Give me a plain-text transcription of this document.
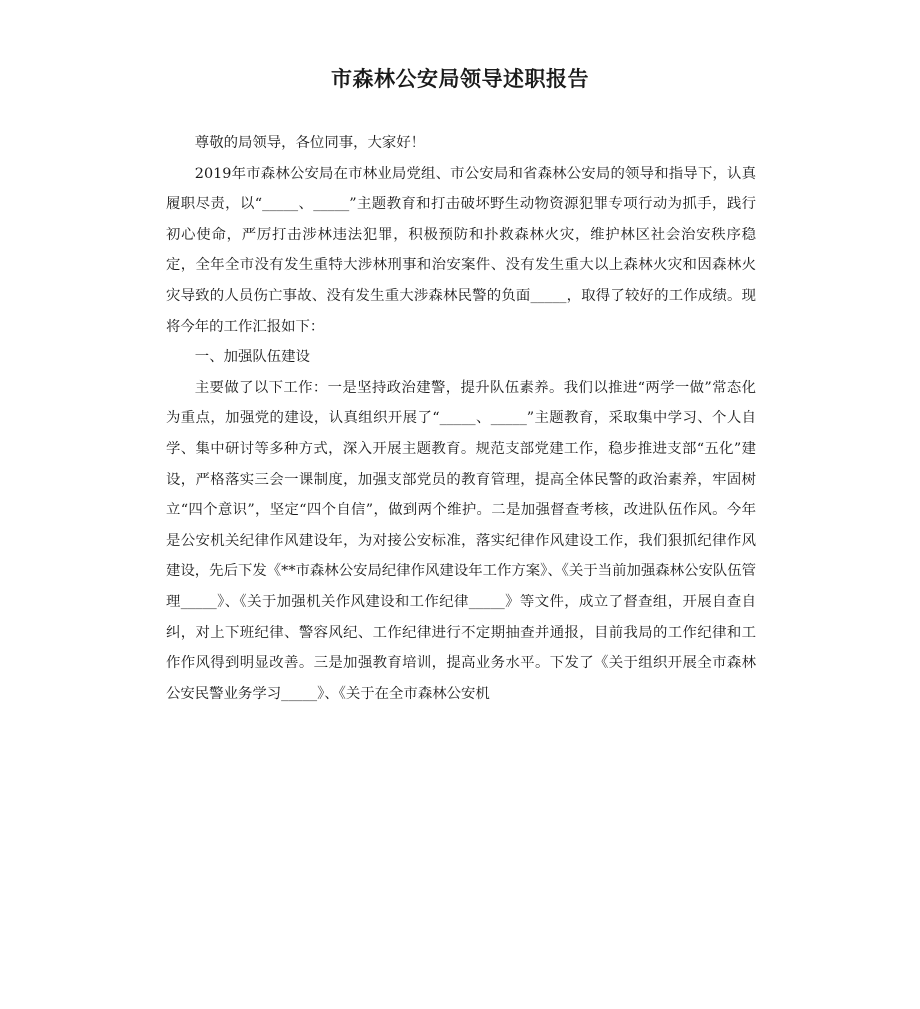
市森林公安局领导述职报告

尊敬的局领导，各位同事，大家好！

2019年市森林公安局在市林业局党组、市公安局和省森林公安局的领导和指导下，认真履职尽责，以“_____、_____”主题教育和打击破坏野生动物资源犯罪专项行动为抓手，践行初心使命，严厉打击涉林违法犯罪，积极预防和扑救森林火灾，维护林区社会治安秩序稳定，全年全市没有发生重特大涉林刑事和治安案件、没有发生重大以上森林火灾和因森林火灾导致的人员伤亡事故、没有发生重大涉森林民警的负面_____，取得了较好的工作成绩。现将今年的工作汇报如下：

一、加强队伍建设

主要做了以下工作：一是坚持政治建警，提升队伍素养。我们以推进“两学一做”常态化为重点，加强党的建设，认真组织开展了“_____、_____”主题教育，采取集中学习、个人自学、集中研讨等多种方式，深入开展主题教育。规范支部党建工作，稳步推进支部“五化”建设，严格落实三会一课制度，加强支部党员的教育管理，提高全体民警的政治素养，牢固树立“四个意识”，坚定“四个自信”，做到两个维护。二是加强督查考核，改进队伍作风。今年是公安机关纪律作风建设年，为对接公安标准，落实纪律作风建设工作，我们狠抓纪律作风建设，先后下发《**市森林公安局纪律作风建设年工作方案》、《关于当前加强森林公安队伍管理_____》、《关于加强机关作风建设和工作纪律_____》等文件，成立了督查组，开展自查自纠，对上下班纪律、警容风纪、工作纪律进行不定期抽查并通报，目前我局的工作纪律和工作作风得到明显改善。三是加强教育培训，提高业务水平。下发了《关于组织开展全市森林公安民警业务学习_____》、《关于在全市森林公安机
